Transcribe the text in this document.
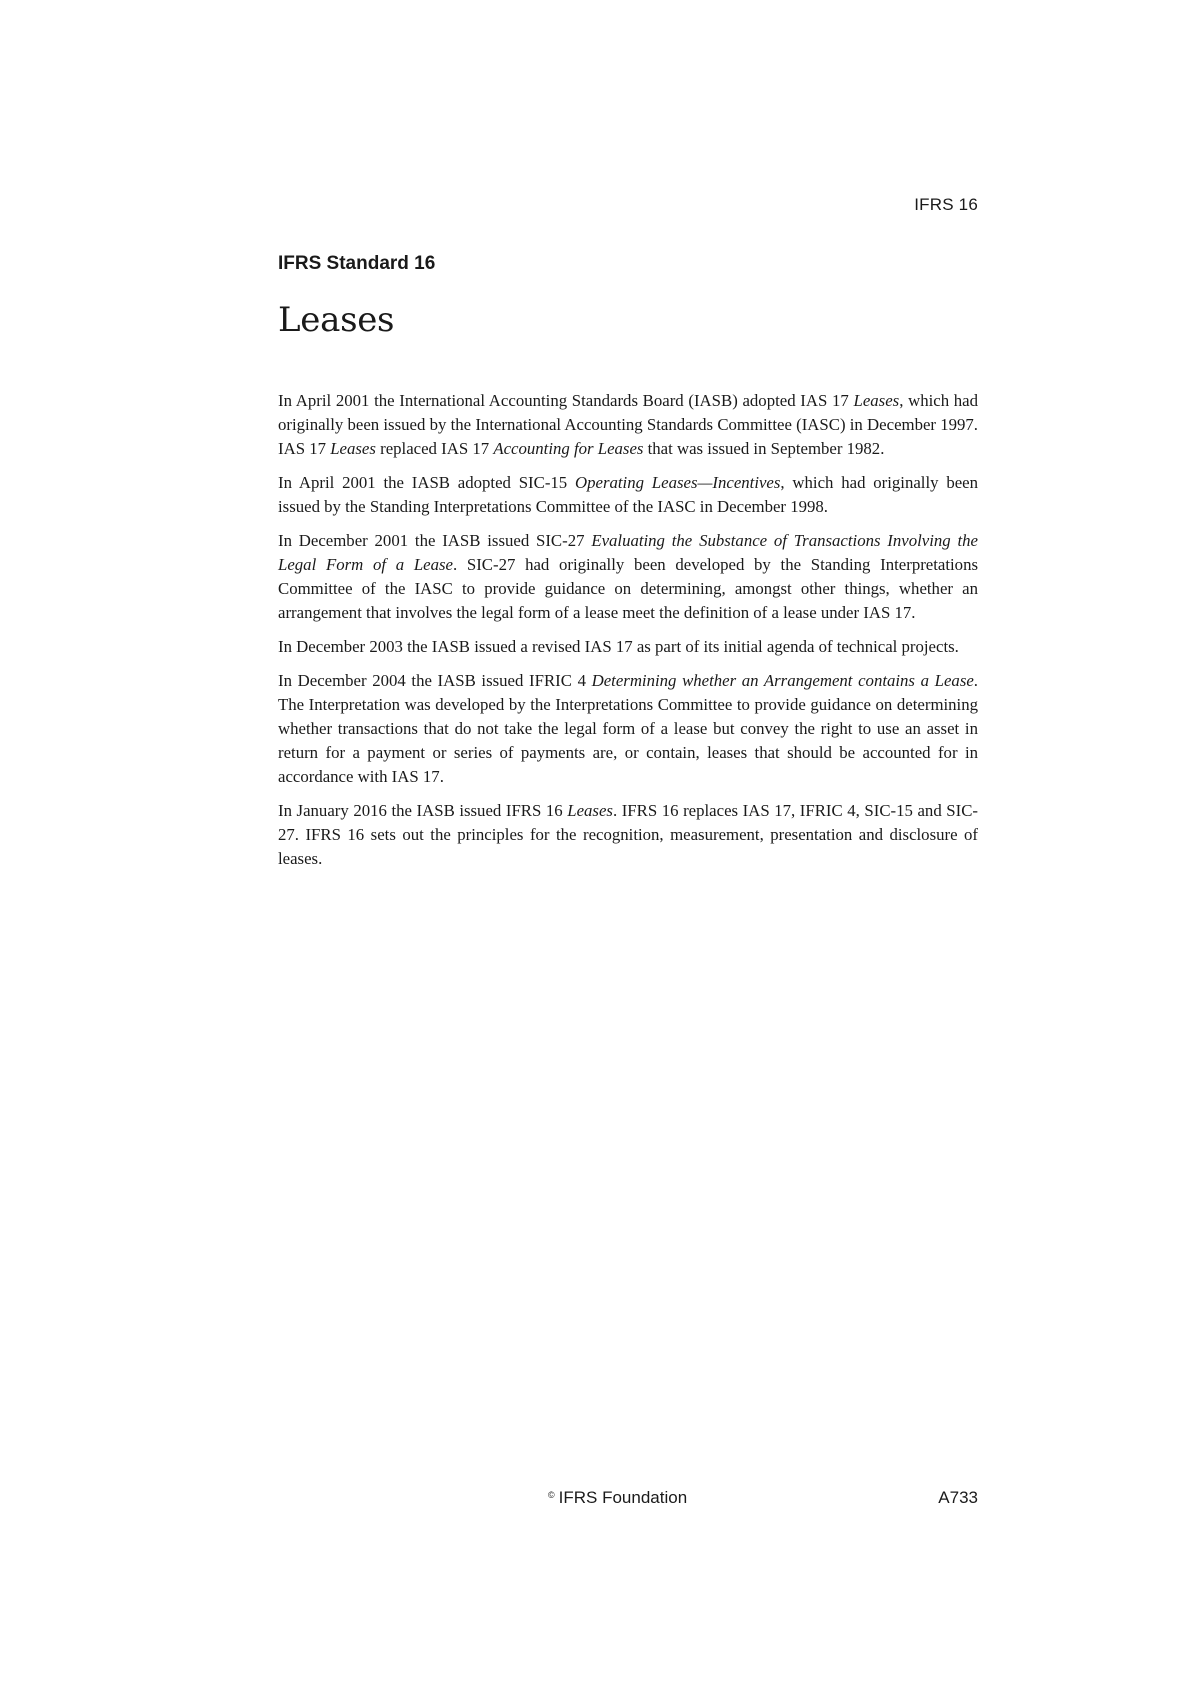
IFRS 16
IFRS Standard 16
Leases

In April 2001 the International Accounting Standards Board (IASB) adopted IAS 17 Leases, which had originally been issued by the International Accounting Standards Committee (IASC) in December 1997. IAS 17 Leases replaced IAS 17 Accounting for Leases that was issued in September 1982.

In April 2001 the IASB adopted SIC-15 Operating Leases—Incentives, which had originally been issued by the Standing Interpretations Committee of the IASC in December 1998.

In December 2001 the IASB issued SIC-27 Evaluating the Substance of Transactions Involving the Legal Form of a Lease. SIC-27 had originally been developed by the Standing Interpretations Committee of the IASC to provide guidance on determining, amongst other things, whether an arrangement that involves the legal form of a lease meet the definition of a lease under IAS 17.

In December 2003 the IASB issued a revised IAS 17 as part of its initial agenda of technical projects.

In December 2004 the IASB issued IFRIC 4 Determining whether an Arrangement contains a Lease. The Interpretation was developed by the Interpretations Committee to provide guidance on determining whether transactions that do not take the legal form of a lease but convey the right to use an asset in return for a payment or series of payments are, or contain, leases that should be accounted for in accordance with IAS 17.

In January 2016 the IASB issued IFRS 16 Leases. IFRS 16 replaces IAS 17, IFRIC 4, SIC-15 and SIC-27. IFRS 16 sets out the principles for the recognition, measurement, presentation and disclosure of leases.

© IFRS Foundation	A733
